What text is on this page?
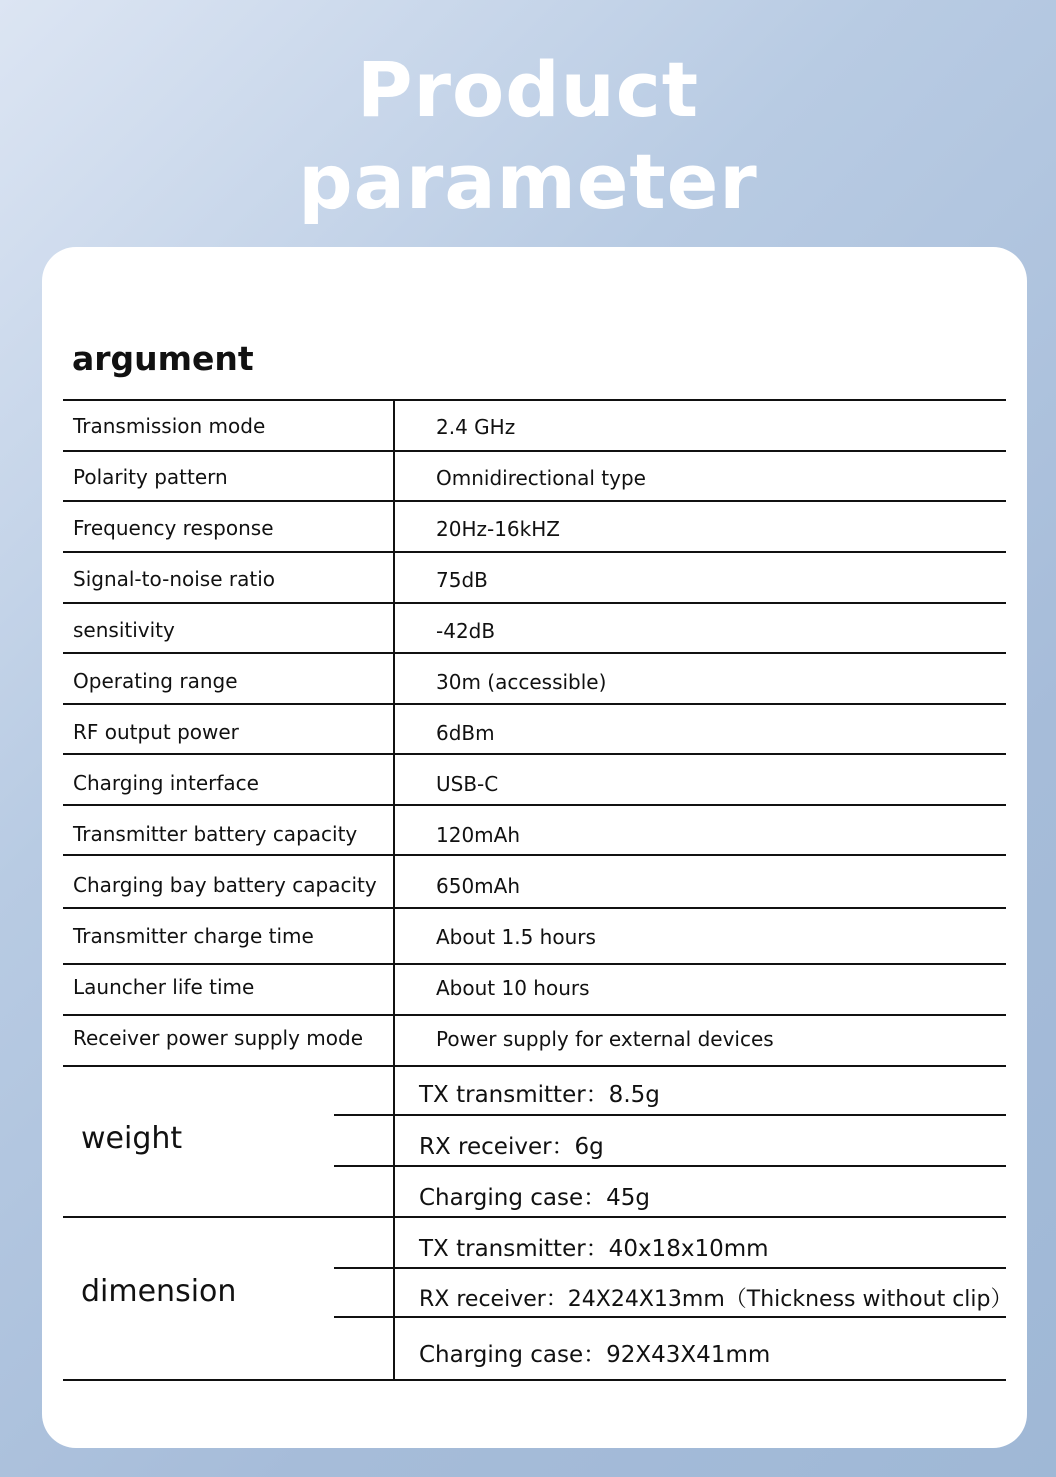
Product
parameter
argument
Transmission mode	2.4 GHz
Polarity pattern	Omnidirectional type
Frequency response	20Hz-16kHZ
Signal-to-noise ratio	75dB
sensitivity	-42dB
Operating range	30m (accessible)
RF output power	6dBm
Charging interface	USB-C
Transmitter battery capacity	120mAh
Charging bay battery capacity	650mAh
Transmitter charge time	About 1.5 hours
Launcher life time	About 10 hours
Receiver power supply mode	Power supply for external devices
weight
TX transmitter：8.5g
RX receiver：6g
Charging case：45g
dimension
TX transmitter：40x18x10mm
RX receiver：24X24X13mm（Thickness without clip）
Charging case：92X43X41mm
